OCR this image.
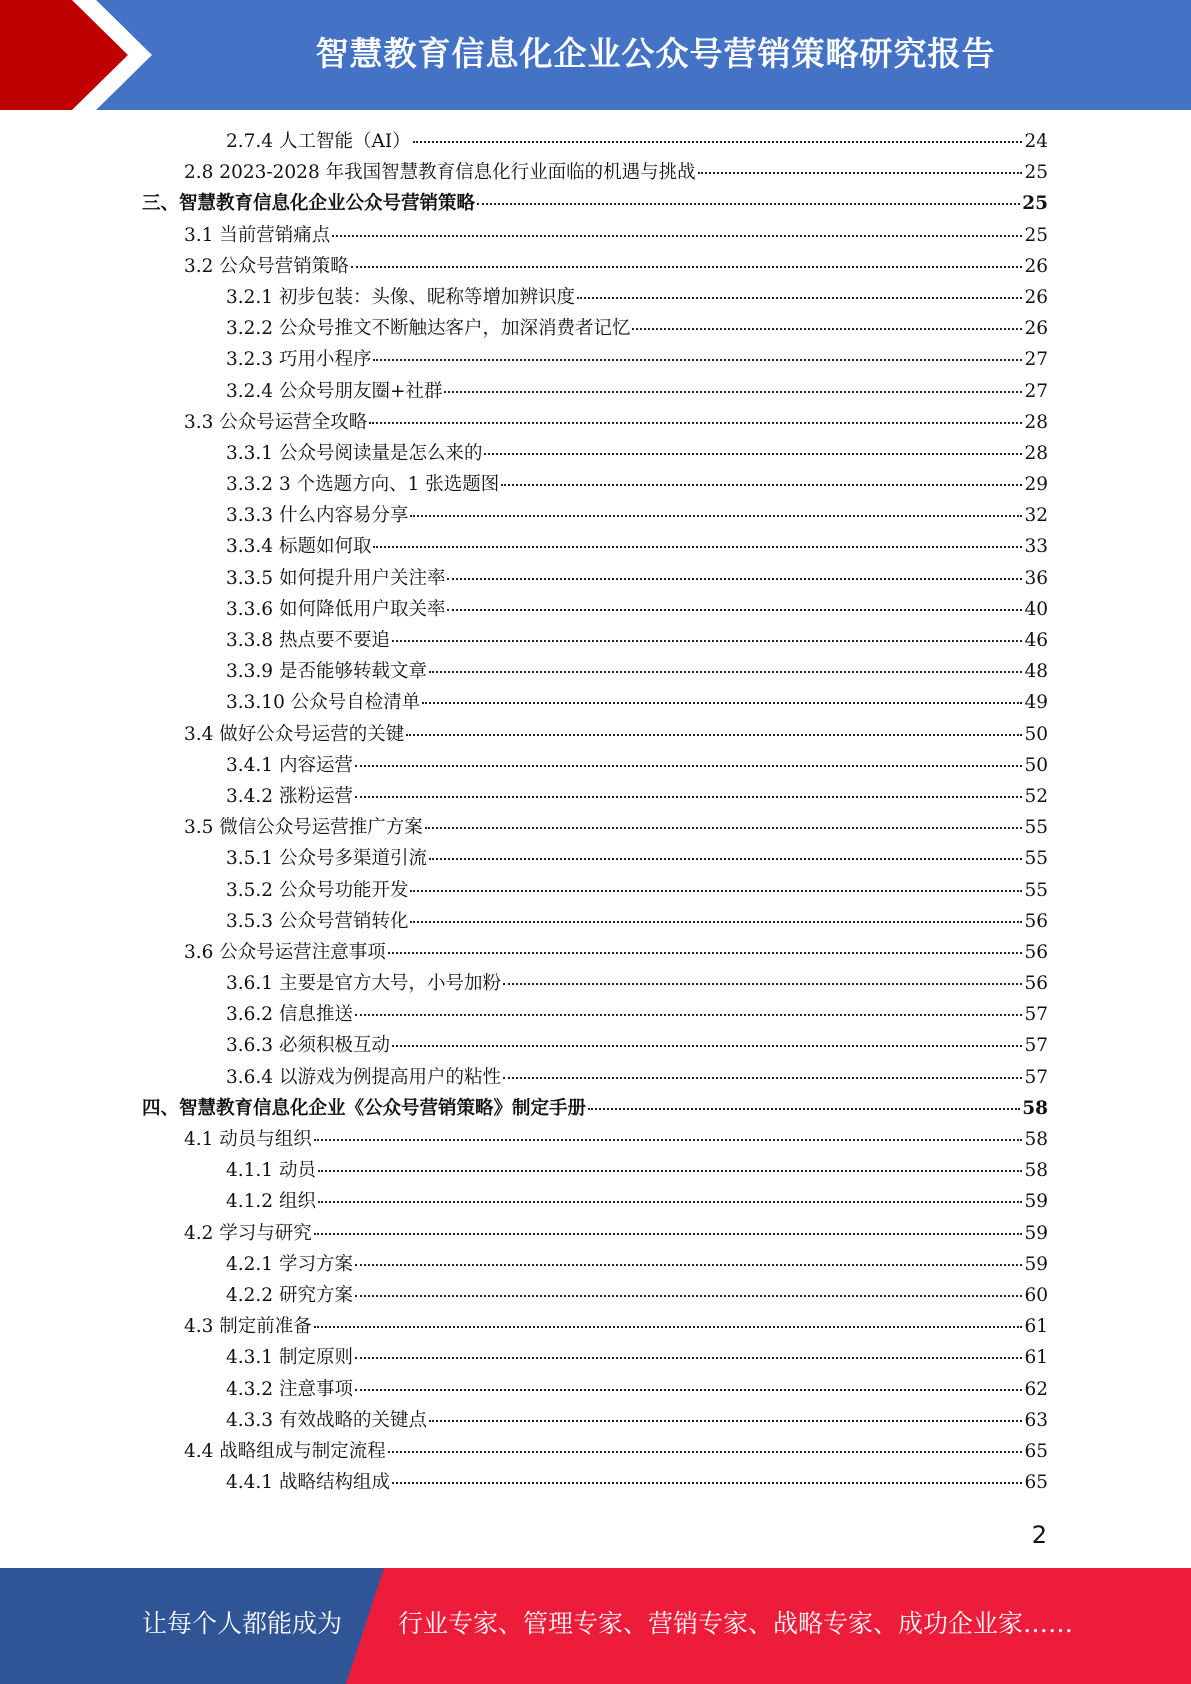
智慧教育信息化企业公众号营销策略研究报告
2.7.4 人工智能（AI）	24
2.8 2023-2028 年我国智慧教育信息化行业面临的机遇与挑战	25
三、智慧教育信息化企业公众号营销策略	25
3.1 当前营销痛点	25
3.2 公众号营销策略	26
3.2.1 初步包装：头像、昵称等增加辨识度	26
3.2.2 公众号推文不断触达客户，加深消费者记忆	26
3.2.3 巧用小程序	27
3.2.4 公众号朋友圈+社群	27
3.3 公众号运营全攻略	28
3.3.1 公众号阅读量是怎么来的	28
3.3.2 3 个选题方向、1 张选题图	29
3.3.3 什么内容易分享	32
3.3.4 标题如何取	33
3.3.5 如何提升用户关注率	36
3.3.6 如何降低用户取关率	40
3.3.8 热点要不要追	46
3.3.9 是否能够转载文章	48
3.3.10 公众号自检清单	49
3.4 做好公众号运营的关键	50
3.4.1 内容运营	50
3.4.2 涨粉运营	52
3.5 微信公众号运营推广方案	55
3.5.1 公众号多渠道引流	55
3.5.2 公众号功能开发	55
3.5.3 公众号营销转化	56
3.6 公众号运营注意事项	56
3.6.1 主要是官方大号，小号加粉	56
3.6.2 信息推送	57
3.6.3 必须积极互动	57
3.6.4 以游戏为例提高用户的粘性	57
四、智慧教育信息化企业《公众号营销策略》制定手册	58
4.1 动员与组织	58
4.1.1 动员	58
4.1.2 组织	59
4.2 学习与研究	59
4.2.1 学习方案	59
4.2.2 研究方案	60
4.3 制定前准备	61
4.3.1 制定原则	61
4.3.2 注意事项	62
4.3.3 有效战略的关键点	63
4.4 战略组成与制定流程	65
4.4.1 战略结构组成	65
2
让每个人都能成为 行业专家、管理专家、营销专家、战略专家、成功企业家……
